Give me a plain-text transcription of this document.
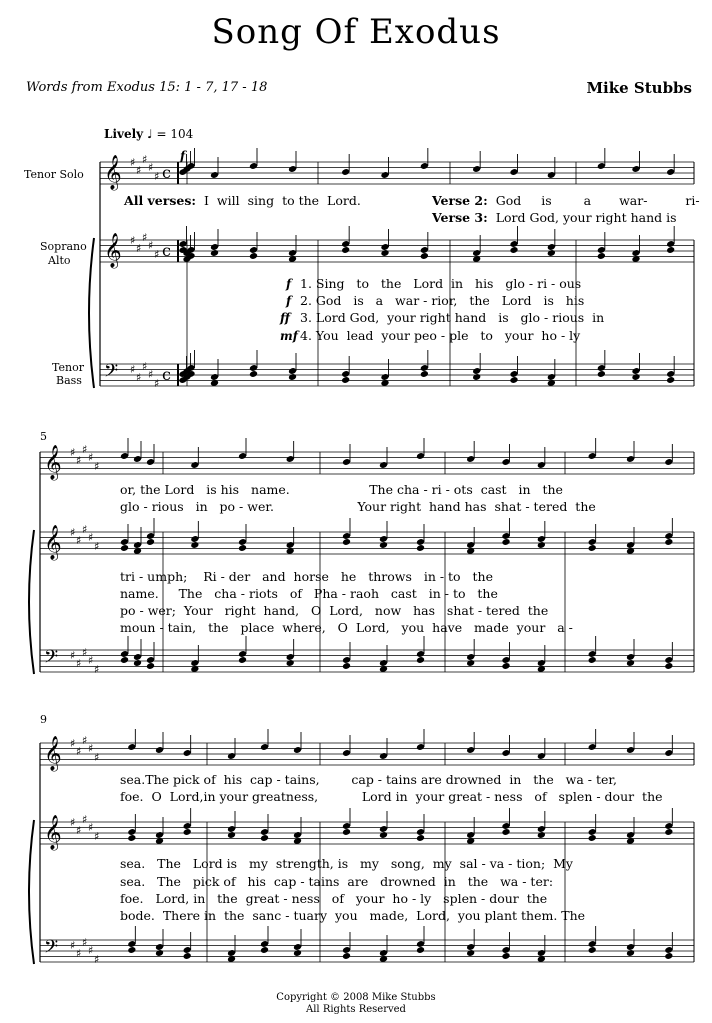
Song Of Exodus
Words from Exodus 15: 1 - 7, 17 - 18	Mike Stubbs
Lively ♩ = 104
𝄞
𝄞
𝄢
♯
♯
♯
♯
♯
♯
♯
♯
♯
♯
♯
♯
♯
♯
♯
c
c
c
𝄞
𝄞
𝄢
♯
♯
♯
♯
♯
♯
♯
♯
♯
♯
♯
♯
♯
♯
♯
𝄞
𝄞
𝄢
♯
♯
♯
♯
♯
♯
♯
♯
♯
♯
♯
♯
♯
♯
♯
Tenor Solo
Soprano
Alto
Tenor
Bass
f
All verses: I will sing to the Lord.	Verse 2: God is	a war-	ri-
Verse 3: Lord God, your right hand is
f 1. Sing   to   the   Lord  in   his   glo - ri - ous
f 2. God   is   a   war - rior,   the   Lord   is   his
ff 3. Lord God,  your right hand   is   glo - rious  in
mf 4. You  lead  your peo - ple   to   your  ho - ly
5
or, the Lord   is his   name.                    The cha - ri - ots  cast   in   the
glo - rious   in   po - wer.                     Your right  hand has  shat - tered  the
tri - umph;    Ri - der   and  horse   he   throws   in - to   the
name.     The   cha - riots   of   Pha - raoh   cast   in - to   the
po - wer;  Your   right  hand,   O  Lord,   now   has   shat - tered  the
moun - tain,   the   place  where,   O  Lord,   you  have   made  your   a -
9
sea.The pick of  his  cap - tains,        cap - tains are drowned  in   the   wa - ter,
foe.  O  Lord,in your greatness,           Lord in  your great - ness   of   splen - dour  the
sea.   The   Lord is   my  strength, is   my   song,  my  sal - va - tion;  My
sea.   The   pick of   his  cap - tains  are   drowned  in   the   wa - ter:
foe.   Lord, in   the  great - ness   of   your  ho - ly   splen - dour  the
bode.  There in  the  sanc - tuary  you   made,  Lord,  you plant them. The
Copyright © 2008 Mike Stubbs
All Rights Reserved
